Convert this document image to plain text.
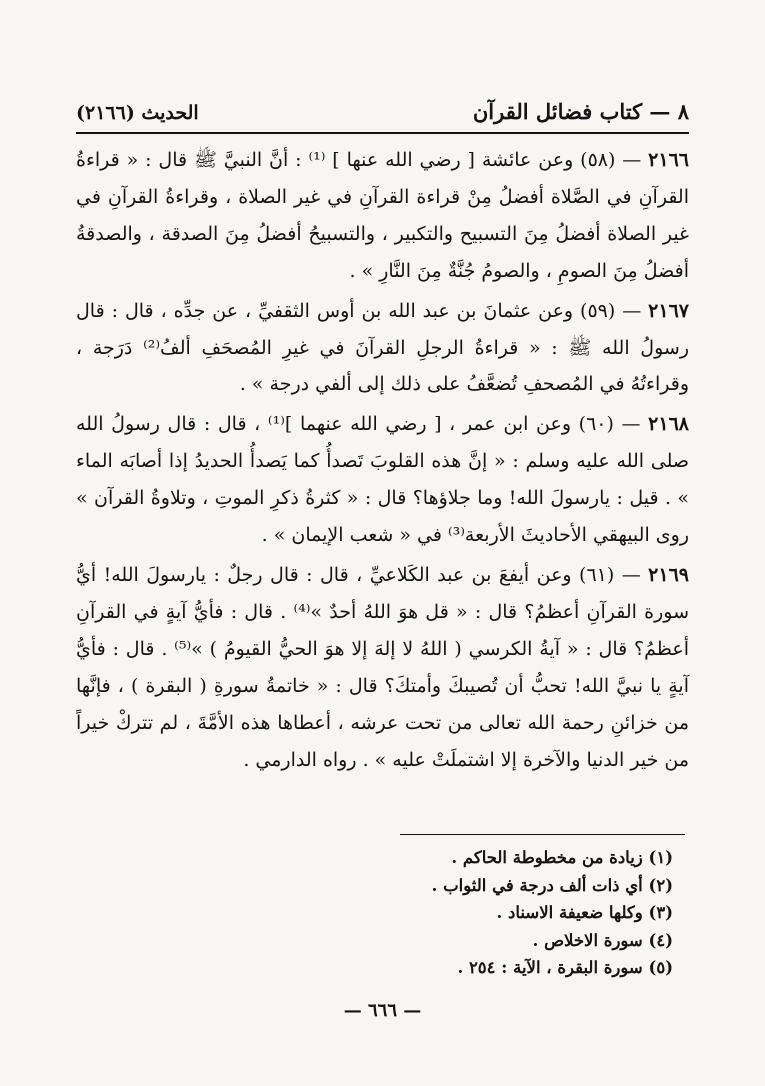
٨ — كتاب فضائل القرآن
الحديث (٢١٦٦)

٢١٦٦ — (٥٨) وعن عائشة [ رضي الله عنها ] ⁽¹⁾ : أنَّ النبيَّ ﷺ قال : « قراءةُ القرآنِ في الصَّلاة أفضلُ مِنْ قراءة القرآنِ في غير الصلاة ، وقراءةُ القرآنِ في غير الصلاة أفضلُ مِنَ التسبيح والتكبير ، والتسبيحُ أفضلُ مِنَ الصدقة ، والصدقةُ أفضلُ مِنَ الصومِ ، والصومُ جُنَّةٌ مِنَ النَّارِ » .

٢١٦٧ — (٥٩) وعن عثمانَ بن عبد الله بن أوس الثقفيِّ ، عن جدِّه ، قال : قال رسولُ الله ﷺ : « قراءةُ الرجلِ القرآنَ في غيرِ المُصحَفِ ألفُ⁽²⁾ دَرَجة ، وقراءتُهُ في المُصحفِ تُضعَّفُ على ذلك إلى ألفي درجة » .

٢١٦٨ — (٦٠) وعن ابن عمر ، [ رضي الله عنهما ]⁽¹⁾ ، قال : قال رسولُ الله صلى الله عليه وسلم : « إنَّ هذه القلوبَ تَصدأُ كما يَصدأُ الحديدُ إذا أصابَه الماء » . قيل : يارسولَ الله! وما جلاؤها؟ قال : « كثرةُ ذكرِ الموتِ ، وتلاوةُ القرآن » روى البيهقي الأحاديثَ الأربعة⁽³⁾ في « شعب الإيمان » .

٢١٦٩ — (٦١) وعن أيفعَ بن عبد الكَلاعيِّ ، قال : قال رجلٌ : يارسولَ الله! أيُّ سورة القرآنِ أعظمُ؟ قال : « قل هوَ اللهُ أحدٌ »⁽⁴⁾ . قال : فأيُّ آيةٍ في القرآنِ أعظمُ؟ قال : « آيةُ الكرسي ( اللهُ لا إلهَ إلا هوَ الحيُّ القيومُ ) »⁽⁵⁾ . قال : فأيُّ آيةٍ يا نبيَّ الله! تحبُّ أن تُصيبكَ وأمتكَ؟ قال : « خاتمةُ سورةِ ( البقرة ) ، فإنَّها من خزائنِ رحمة الله تعالى من تحت عرشه ، أعطاها هذه الأمَّةَ ، لم تتركْ خيراً من خير الدنيا والآخرة إلا اشتملَتْ عليه » . رواه الدارمي .

(١) زيادة من مخطوطة الحاكم .
(٢) أي ذات ألف درجة في الثواب .
(٣) وكلها ضعيفة الاسناد .
(٤) سورة الاخلاص .
(٥) سورة البقرة ، الآية : ٢٥٤ .
— ٦٦٦ —
